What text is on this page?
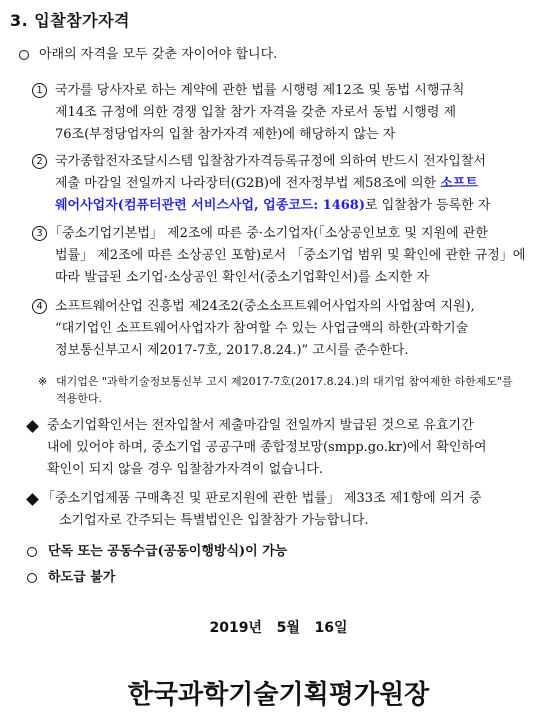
3. 입찰참가자격
아래의 자격을 모두 갖춘 자이어야 합니다.
1 국가를 당사자로 하는 계약에 관한 법률 시행령 제12조 및 동법 시행규칙
제14조 규정에 의한 경쟁 입찰 참가 자격을 갖춘 자로서 동법 시행령 제
76조(부정당업자의 입찰 참가자격 제한)에 해당하지 않는 자
2 국가종합전자조달시스템 입찰참가자격등록규정에 의하여 반드시 전자입찰서
제출 마감일 전일까지 나라장터(G2B)에 전자정부법 제58조에 의한 소프트
웨어사업자(컴퓨터관련 서비스사업, 업종코드: 1468)로 입찰참가 등록한 자
3 「중소기업기본법」 제2조에 따른 중·소기업자(「소상공인보호 및 지원에 관한
법률」 제2조에 따른 소상공인 포함)로서 「중소기업 범위 및 확인에 관한 규정」에
따라 발급된 소기업·소상공인 확인서(중소기업확인서)를 소지한 자
4 소프트웨어산업 진흥법 제24조2(중소소프트웨어사업자의 사업참여 지원),
“대기업인 소프트웨어사업자가 참여할 수 있는 사업금액의 하한(과학기술
정보통신부고시 제2017-7호, 2017.8.24.)” 고시를 준수한다.
※ 대기업은 "과학기술정보통신부 고시 제2017-7호(2017.8.24.)의 대기업 참여제한 하한제도"를
적용한다.
중소기업확인서는 전자입찰서 제출마감일 전일까지 발급된 것으로 유효기간
내에 있어야 하며, 중소기업 공공구매 종합정보망(smpp.go.kr)에서 확인하여
확인이 되지 않을 경우 입찰참가자격이 없습니다.
「중소기업제품 구매촉진 및 판로지원에 관한 법률」 제33조 제1항에 의거 중
소기업자로 간주되는 특별법인은 입찰참가 가능합니다.
단독 또는 공동수급(공동이행방식)이 가능
하도급 불가
2019년   5월   16일
한국과학기술기획평가원장
